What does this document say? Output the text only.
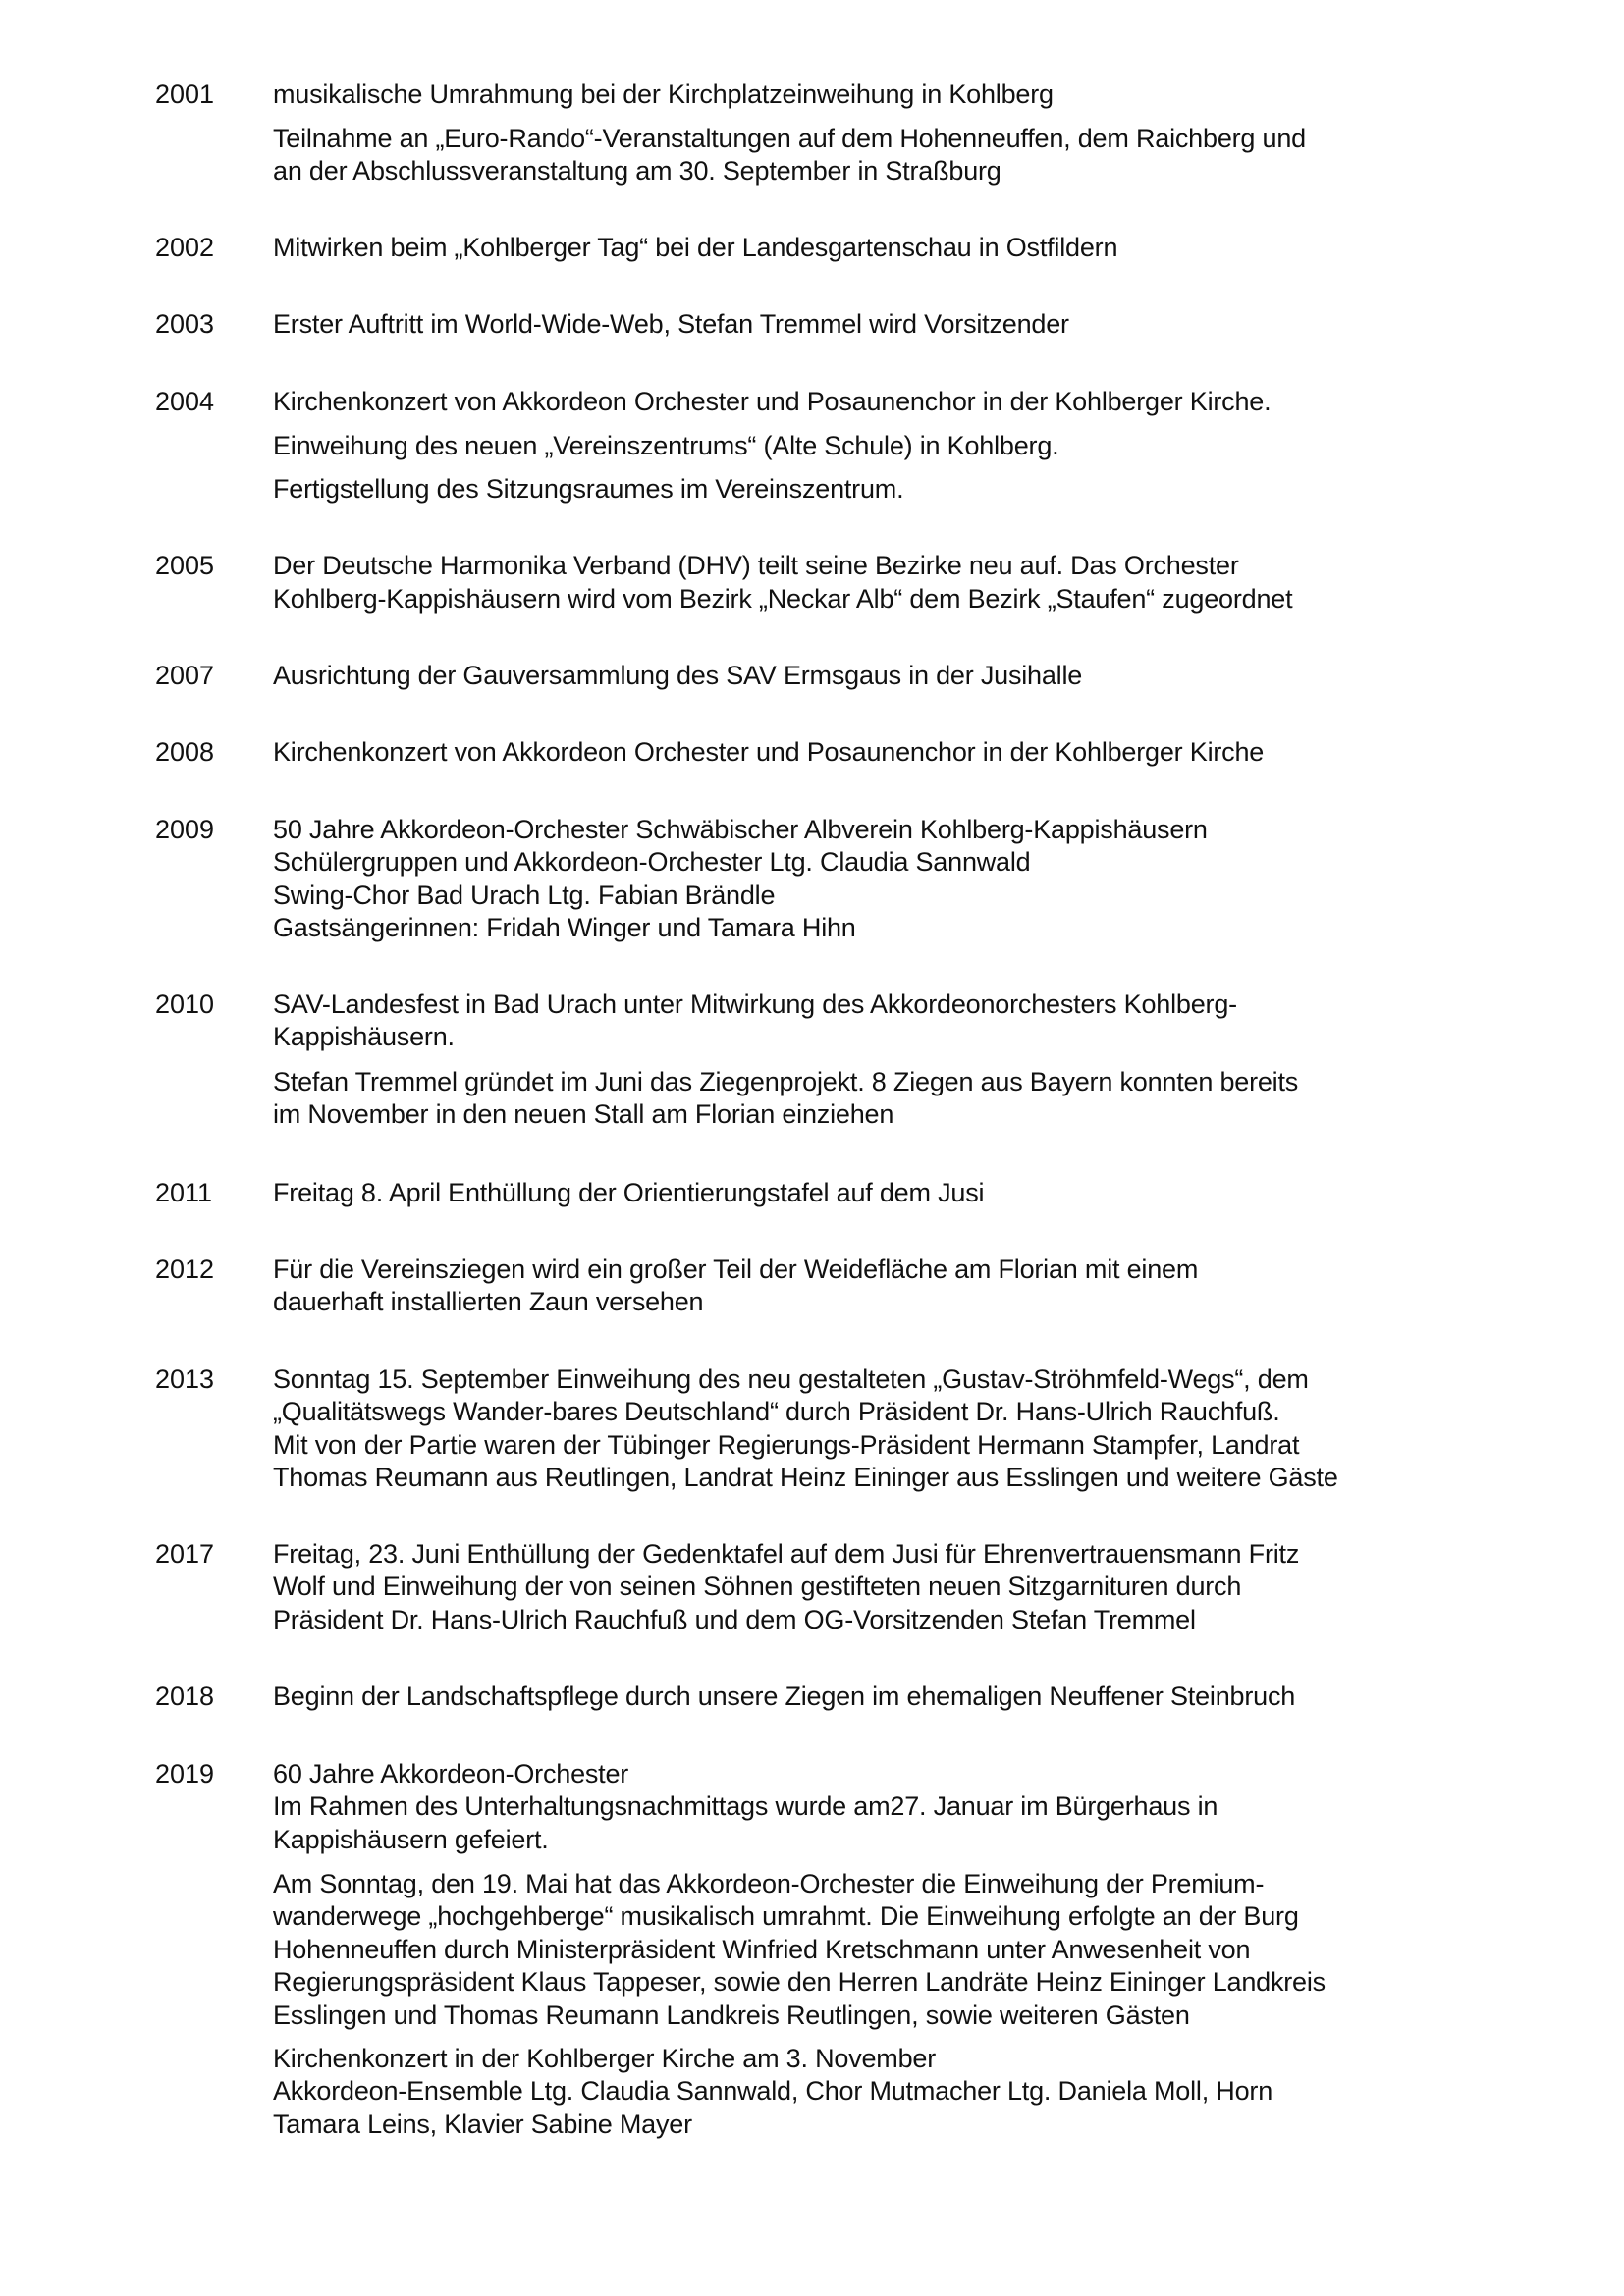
2001 musikalische Umrahmung bei der Kirchplatzeinweihung in Kohlberg
Teilnahme an „Euro-Rando“-Veranstaltungen auf dem Hohenneuffen, dem Raichberg und
an der Abschlussveranstaltung am 30. September in Straßburg
2002 Mitwirken beim „Kohlberger Tag“ bei der Landesgartenschau in Ostfildern
2003 Erster Auftritt im World-Wide-Web, Stefan Tremmel wird Vorsitzender
2004 Kirchenkonzert von Akkordeon Orchester und Posaunenchor in der Kohlberger Kirche.
Einweihung des neuen „Vereinszentrums“ (Alte Schule) in Kohlberg.
Fertigstellung des Sitzungsraumes im Vereinszentrum.
2005 Der Deutsche Harmonika Verband (DHV) teilt seine Bezirke neu auf. Das Orchester
Kohlberg-Kappishäusern wird vom Bezirk „Neckar Alb“ dem Bezirk „Staufen“ zugeordnet
2007 Ausrichtung der Gauversammlung des SAV Ermsgaus in der Jusihalle
2008 Kirchenkonzert von Akkordeon Orchester und Posaunenchor in der Kohlberger Kirche
2009 50 Jahre Akkordeon-Orchester Schwäbischer Albverein Kohlberg-Kappishäusern
Schülergruppen und Akkordeon-Orchester Ltg. Claudia Sannwald
Swing-Chor Bad Urach Ltg. Fabian Brändle
Gastsängerinnen: Fridah Winger und Tamara Hihn
2010 SAV-Landesfest in Bad Urach unter Mitwirkung des Akkordeonorchesters Kohlberg-
Kappishäusern.
Stefan Tremmel gründet im Juni das Ziegenprojekt. 8 Ziegen aus Bayern konnten bereits
im November in den neuen Stall am Florian einziehen
2011 Freitag 8. April Enthüllung der Orientierungstafel auf dem Jusi
2012 Für die Vereinsziegen wird ein großer Teil der Weidefläche am Florian mit einem
dauerhaft installierten Zaun versehen
2013 Sonntag 15. September Einweihung des neu gestalteten „Gustav-Ströhmfeld-Wegs“, dem
„Qualitätswegs Wander-bares Deutschland“ durch Präsident Dr. Hans-Ulrich Rauchfuß.
Mit von der Partie waren der Tübinger Regierungs-Präsident Hermann Stampfer, Landrat
Thomas Reumann aus Reutlingen, Landrat Heinz Eininger aus Esslingen und weitere Gäste
2017 Freitag, 23. Juni Enthüllung der Gedenktafel auf dem Jusi für Ehrenvertrauensmann Fritz
Wolf und Einweihung der von seinen Söhnen gestifteten neuen Sitzgarnituren durch
Präsident Dr. Hans-Ulrich Rauchfuß und dem OG-Vorsitzenden Stefan Tremmel
2018 Beginn der Landschaftspflege durch unsere Ziegen im ehemaligen Neuffener Steinbruch
2019 60 Jahre Akkordeon-Orchester
Im Rahmen des Unterhaltungsnachmittags wurde am27. Januar im Bürgerhaus in
Kappishäusern gefeiert.
Am Sonntag, den 19. Mai hat das Akkordeon-Orchester die Einweihung der Premium-
wanderwege „hochgehberge“ musikalisch umrahmt. Die Einweihung erfolgte an der Burg
Hohenneuffen durch Ministerpräsident Winfried Kretschmann unter Anwesenheit von
Regierungspräsident Klaus Tappeser, sowie den Herren Landräte Heinz Eininger Landkreis
Esslingen und Thomas Reumann Landkreis Reutlingen, sowie weiteren Gästen
Kirchenkonzert in der Kohlberger Kirche am 3. November
Akkordeon-Ensemble Ltg. Claudia Sannwald, Chor Mutmacher Ltg. Daniela Moll, Horn
Tamara Leins, Klavier Sabine Mayer
